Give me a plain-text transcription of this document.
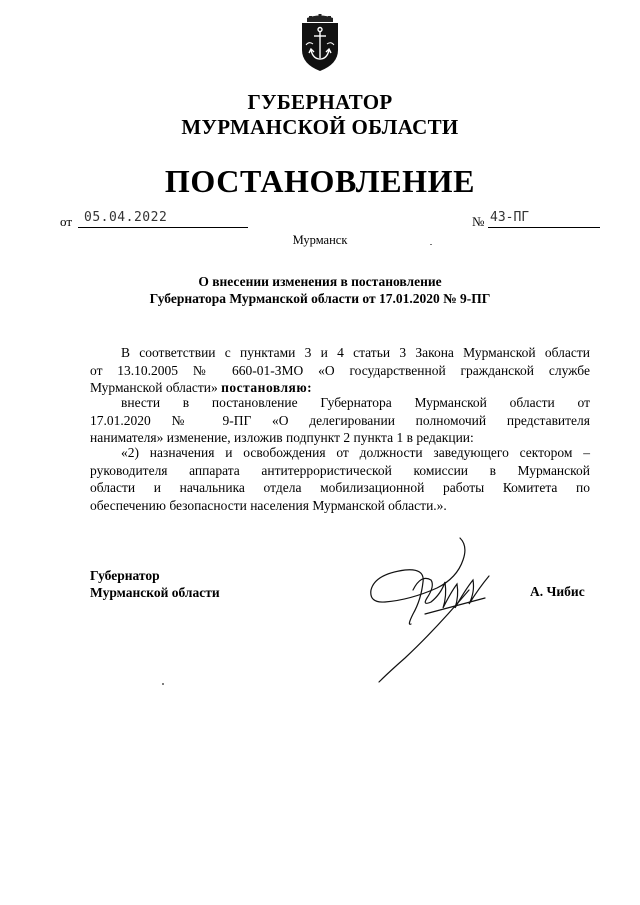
ГУБЕРНАТОР
МУРМАНСКОЙ ОБЛАСТИ
ПОСТАНОВЛЕНИЕ
от 05.04.2022	№ 43-ПГ
Мурманск
О внесении изменения в постановление
Губернатора Мурманской области от 17.01.2020 № 9-ПГ
В соответствии с пунктами 3 и 4 статьи 3 Закона Мурманской области
от 13.10.2005 № 660-01-ЗМО «О государственной гражданской службе
Мурманской области» постановляю:
внести в постановление Губернатора Мурманской области от
17.01.2020 № 9-ПГ «О делегировании полномочий представителя
нанимателя» изменение, изложив подпункт 2 пункта 1 в редакции:
«2) назначения и освобождения от должности заведующего сектором –
руководителя аппарата антитеррористической комиссии в Мурманской
области и начальника отдела мобилизационной работы Комитета по
обеспечению безопасности населения Мурманской области.».
Губернатор
Мурманской области	А. Чибис
